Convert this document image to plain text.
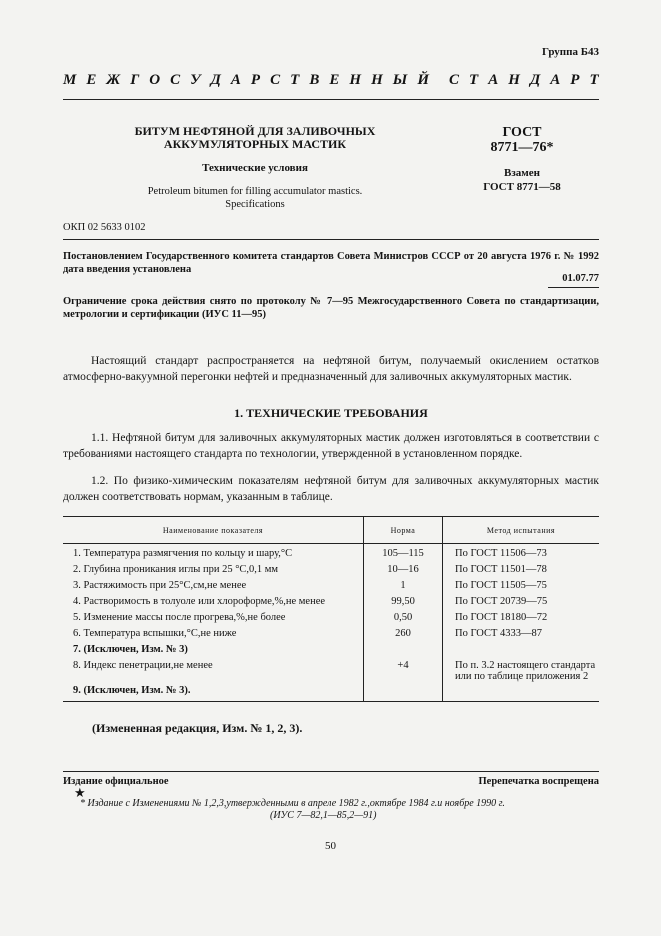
Группа Б43
М Е Ж Г О С У Д А Р С Т В Е Н Н Ы Й С Т А Н Д А Р Т
БИТУМ НЕФТЯНОЙ ДЛЯ ЗАЛИВОЧНЫХ
АККУМУЛЯТОРНЫХ МАСТИК
Технические условия
Petroleum bitumen for filling accumulator mastics.
Specifications
ГОСТ
8771—76*
Взамен
ГОСТ 8771—58
ОКП 02 5633 0102
Постановлением Государственного комитета стандартов Совета Министров СССР от 20 августа 1976 г. № 1992 дата введения установлена
01.07.77
Ограничение срока действия снято по протоколу № 7—95 Межгосударственного Совета по стандартизации, метрологии и сертификации (ИУС 11—95)
Настоящий стандарт распространяется на нефтяной битум, получаемый окислением остатков атмосферно-вакуумной перегонки нефтей и предназначенный для заливочных аккумуляторных мастик.
1. ТЕХНИЧЕСКИЕ ТРЕБОВАНИЯ
1.1. Нефтяной битум для заливочных аккумуляторных мастик должен изготовляться в соответствии с требованиями настоящего стандарта по технологии, утвержденной в установленном порядке.
1.2. По физико-химическим показателям нефтяной битум для заливочных аккумуляторных мастик должен соответствовать нормам, указанным в таблице.
Наименование показателя	Норма	Метод испытания
1. Температура размягчения по кольцу и шару,°С	105—115	По ГОСТ 11506—73
2. Глубина проникания иглы при 25 °С,0,1 мм	10—16	По ГОСТ 11501—78
3. Растяжимость при 25°С,см,не менее	1	По ГОСТ 11505—75
4. Растворимость в толуоле или хлороформе,%,не менее	99,50	По ГОСТ 20739—75
5. Изменение массы после прогрева,%,не более	0,50	По ГОСТ 18180—72
6. Температура вспышки,°С,не ниже	260	По ГОСТ 4333—87
7. (Исключен, Изм. № 3)		
8. Индекс пенетрации,не менее	+4	По п. 3.2 настоящего стандарта или по таблице приложения 2
9. (Исключен, Изм. № 3).		
(Измененная редакция, Изм. № 1, 2, 3).
Издание официальное
★
Перепечатка воспрещена
* Издание с Изменениями № 1,2,3,утвержденными в апреле 1982 г.,октябре 1984 г.и ноябре 1990 г.
(ИУС 7—82,1—85,2—91)
50
